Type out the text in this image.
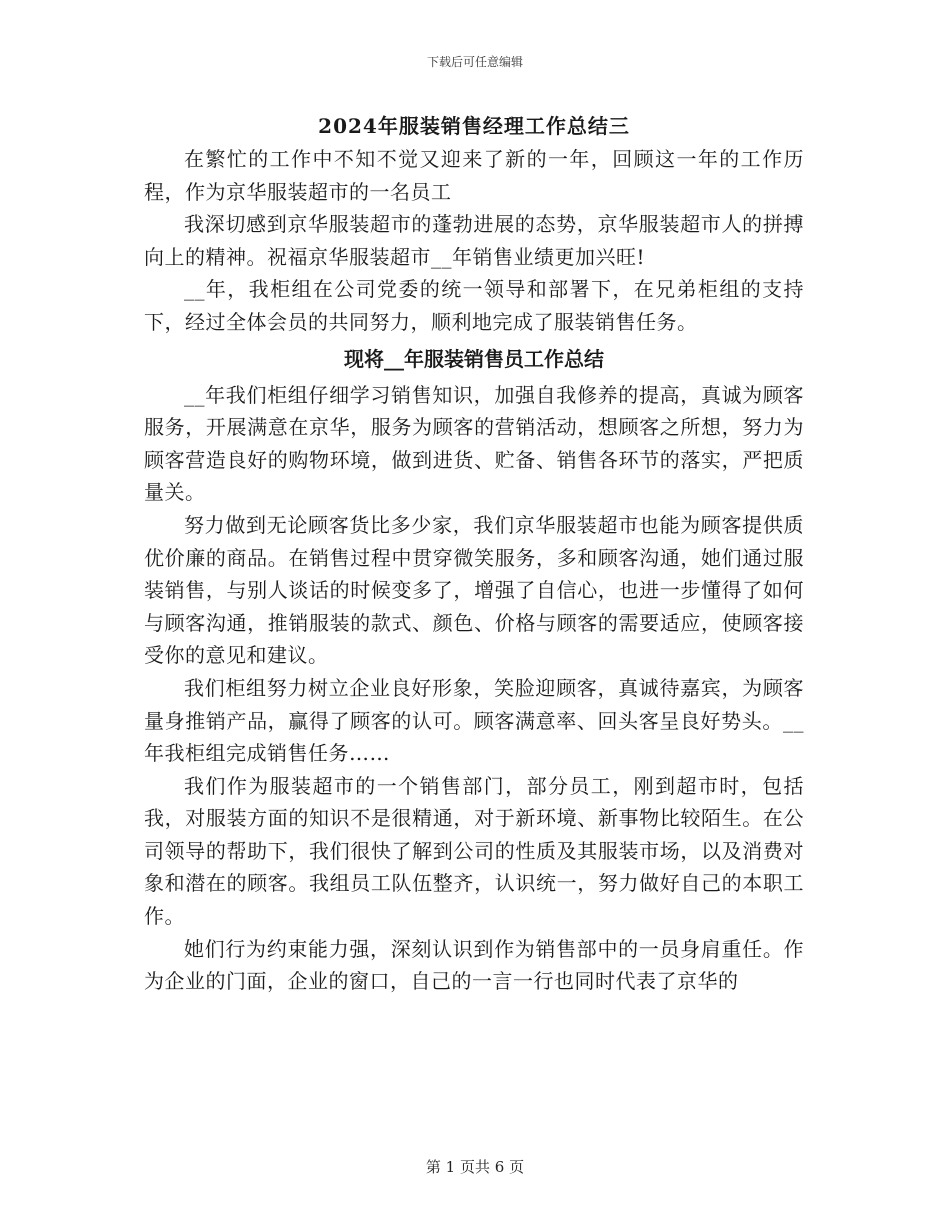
下载后可任意编辑
2024年服装销售经理工作总结三

在繁忙的工作中不知不觉又迎来了新的一年，回顾这一年的工作历程，作为京华服装超市的一名员工

我深切感到京华服装超市的蓬勃进展的态势，京华服装超市人的拼搏向上的精神。祝福京华服装超市__年销售业绩更加兴旺!

__年，我柜组在公司党委的统一领导和部署下，在兄弟柜组的支持下，经过全体会员的共同努力，顺利地完成了服装销售任务。

现将__年服装销售员工作总结

__年我们柜组仔细学习销售知识，加强自我修养的提高，真诚为顾客服务，开展满意在京华，服务为顾客的营销活动，想顾客之所想，努力为顾客营造良好的购物环境，做到进货、贮备、销售各环节的落实，严把质量关。

努力做到无论顾客货比多少家，我们京华服装超市也能为顾客提供质优价廉的商品。在销售过程中贯穿微笑服务，多和顾客沟通，她们通过服装销售，与别人谈话的时候变多了，增强了自信心，也进一步懂得了如何与顾客沟通，推销服装的款式、颜色、价格与顾客的需要适应，使顾客接受你的意见和建议。

我们柜组努力树立企业良好形象，笑脸迎顾客，真诚待嘉宾，为顾客量身推销产品，赢得了顾客的认可。顾客满意率、回头客呈良好势头。__年我柜组完成销售任务……

我们作为服装超市的一个销售部门，部分员工，刚到超市时，包括我，对服装方面的知识不是很精通，对于新环境、新事物比较陌生。在公司领导的帮助下，我们很快了解到公司的性质及其服装市场，以及消费对象和潜在的顾客。我组员工队伍整齐，认识统一，努力做好自己的本职工作。

她们行为约束能力强，深刻认识到作为销售部中的一员身肩重任。作为企业的门面，企业的窗口，自己的一言一行也同时代表了京华的

第 1 页共 6 页
